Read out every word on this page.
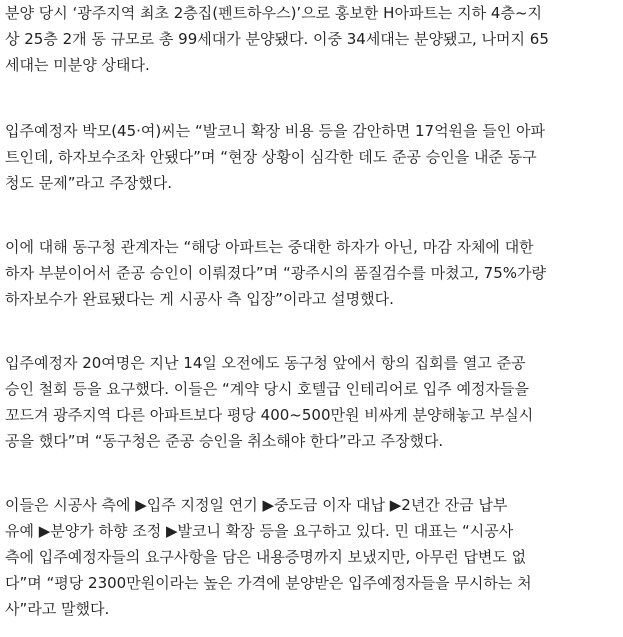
분양 당시 ‘광주지역 최초 2층집(펜트하우스)’으로 홍보한 H아파트는 지하 4층~지
상 25층 2개 동 규모로 총 99세대가 분양됐다. 이중 34세대는 분양됐고, 나머지 65
세대는 미분양 상태다.

입주예정자 박모(45·여)씨는 “발코니 확장 비용 등을 감안하면 17억원을 들인 아파
트인데, 하자보수조차 안됐다”며 “현장 상황이 심각한 데도 준공 승인을 내준 동구
청도 문제”라고 주장했다.

이에 대해 동구청 관계자는 “해당 아파트는 중대한 하자가 아닌, 마감 자체에 대한
하자 부분이어서 준공 승인이 이뤄졌다”며 “광주시의 품질검수를 마쳤고, 75%가량
하자보수가 완료됐다는 게 시공사 측 입장”이라고 설명했다.

입주예정자 20여명은 지난 14일 오전에도 동구청 앞에서 항의 집회를 열고 준공
승인 철회 등을 요구했다. 이들은 “계약 당시 호텔급 인테리어로 입주 예정자들을
꼬드겨 광주지역 다른 아파트보다 평당 400~500만원 비싸게 분양해놓고 부실시
공을 했다”며 “동구청은 준공 승인을 취소해야 한다”라고 주장했다.

이들은 시공사 측에 ▶입주 지정일 연기 ▶중도금 이자 대납 ▶2년간 잔금 납부
유예 ▶분양가 하향 조정 ▶발코니 확장 등을 요구하고 있다. 민 대표는 “시공사
측에 입주예정자들의 요구사항을 담은 내용증명까지 보냈지만, 아무런 답변도 없
다”며 “평당 2300만원이라는 높은 가격에 분양받은 입주예정자들을 무시하는 처
사”라고 말했다.
